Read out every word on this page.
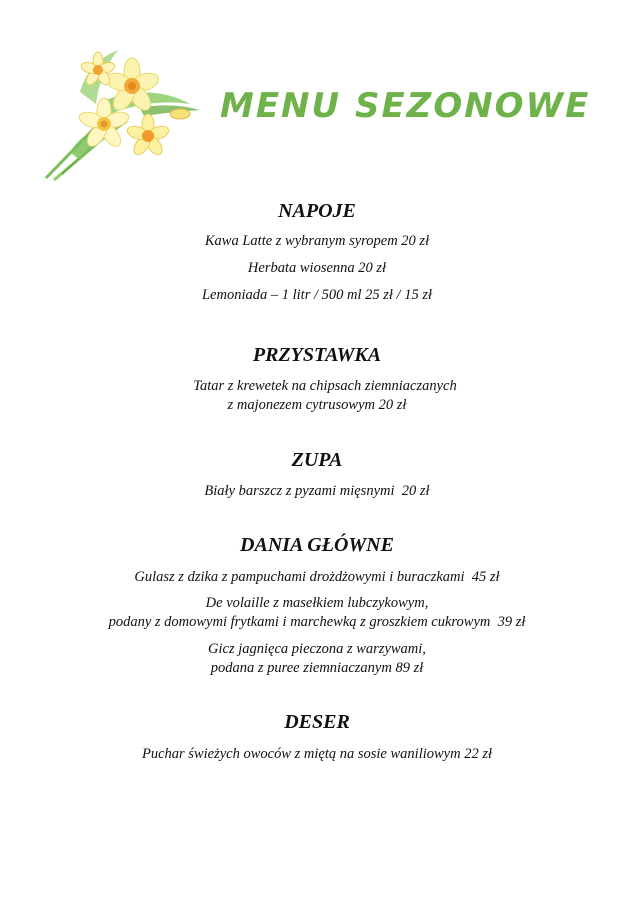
MENU SEZONOWE
NAPOJE
Kawa Latte z wybranym syropem 20 zł
Herbata wiosenna 20 zł
Lemoniada – 1 litr / 500 ml 25 zł / 15 zł
PRZYSTAWKA
Tatar z krewetek na chipsach ziemniaczanych
z majonezem cytrusowym 20 zł
ZUPA
Biały barszcz z pyzami mięsnymi  20 zł
DANIA GŁÓWNE
Gulasz z dzika z pampuchami drożdżowymi i buraczkami  45 zł
De volaille z masełkiem lubczykowym,
podany z domowymi frytkami i marchewką z groszkiem cukrowym  39 zł
Gicz jagnięca pieczona z warzywami,
podana z puree ziemniaczanym 89 zł
DESER
Puchar świeżych owoców z miętą na sosie waniliowym 22 zł
